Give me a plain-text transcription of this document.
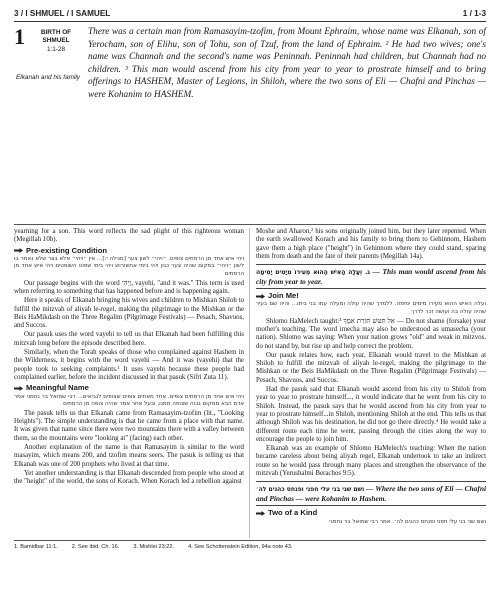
3 / I SHMUEL / I SAMUEL	1 / 1-3
1	BIRTH OF SHMUEL
1:1-28
Elkanah and his family
There was a certain man from Ramasayim-tzofim, from Mount Ephraim, whose name was Elkanah, son of Yerocham, son of Elihu, son of Tohu, son of Tzuf, from the land of Ephraim. ² He had two wives; one's name was Channah and the second's name was Peninnah. Peninnah had children, but Channah had no children. ³ This man would ascend from his city from year to year to prostrate himself and to bring offerings to HASHEM, Master of Legions, in Shiloh, where the two sons of Eli — Chafni and Pinchas — were Kohanim to HASHEM.

yearning for a son. This word reflects the sad plight of this righteous woman (Megillah 10b).

Pre-existing Condition
ויהי איש אחד מן הרמתים צופים. ״ויהי״ לשון צער [מגילה י:]... אין ״ויהי״ אלא בצר שלא נאמר בו לשון ״ויהי״ במקום שהיה צער כגון ויהי בימי אחשורוש ויהי בימי שפוט השופטים ויהי איש אחד מן הרמתים

Our passage begins with the word וַיְהִי, vayehi, "and it was." This term is used when referring to something that has happened before and is happening again.

Here it speaks of Elkanah bringing his wives and children to Mishkan Shiloh to fulfill the mitzvah of aliyah le-regel, making the pilgrimage to the Mishkan or the Beis HaMikdash on the Three Regalim (Pilgrimage Festivals) — Pesach, Shavuos, and Succos.

Our pasuk uses the word vayehi to tell us that Elkanah had been fulfilling this mitzvah long before the episode described here.

Similarly, when the Torah speaks of those who complained against Hashem in the Wilderness, it begins with the word vayehi — And it was (vayehi) that the people took to seeking complaints.¹ It uses vayehi because these people had complained earlier, before the incident discussed in that pasuk (Sifri Zuta 11).

Meaningful Name
ויהי איש אחד מן הרמתים צופים. אחד מאתים צופים שצופים לנביאים... רבי שמואל בר נחמני אמר אדם הבא ממקום גבוה שצופה ממנו, ובעל אחר אמר שהיה צופה מן הרמתים

The pasuk tells us that Elkanah came from Ramasayim-tzofim (lit., "Looking Heights"). The simple understanding is that he came from a place with that name. It was given that name since there were two mountains there with a valley between them, so the mountains were "looking at" (facing) each other.

Another explanation of the name is that Ramasayim is similar to the word masayim, which means 200, and tzofim means seers. The pasuk is telling us that Elkanah was one of 200 prophets who lived at that time.

Yet another understanding is that Elkanah descended from people who stood at the "height" of the world, the sons of Korach. When Korach led a rebellion against

Moshe and Aharon,² his sons originally joined him, but they later repented. When the earth swallowed Korach and his family to bring them to Gehinnom, Hashem gave them a high place ("height") in Gehinnom where they could stand, sparing them from death and the fate of their parents (Megillah 14a).

ג. וְעָלָה הָאִישׁ הַהוּא מֵעִירוֹ מִיָּמִים יָמִימָה — This man would ascend from his city from year to year.
Join Me!
ועלה האיש ההוא מעירו מימים ימימה. ללמדך שהיה עולה ומעלה עמו בני ביתו... והיה שם בעיר שהיה עולה בה ועושה זכר לדרך

Shlomo HaMelech taught:³ אַל תִּטּשׁ תּוֹרַת אִמֶּךָ — Do not shame (forsake) your mother's teaching. The word imecha may also be understood as umasecha (your nation). Shlomo was saying: When your nation grows "old" and weak in mitzvos, do not stand by, but rise up and help correct the problem.

Our pasuk relates how, each year, Elkanah would travel to the Mishkan at Shiloh to fulfill the mitzvah of aliyah le-regel, making the pilgrimage to the Mishkan or the Beis HaMikdash on the Three Regalim (Pilgrimage Festivals) — Pesach, Shavuos, and Succos.

Had the pasuk said that Elkanah would ascend from his city to Shiloh from year to year to prostrate himself..., it would indicate that he went from his city to Shiloh. Instead, the pasuk says that he would ascend from his city from year to year to prostrate himself...in Shiloh, mentioning Shiloh at the end. This tells us that although Shiloh was his destination, he did not go there directly.⁴ He would take a different route each time he went, passing through the cities along the way to encourage the people to join him.

Elkanah was an example of Shlomo HaMelech's teaching: When the nation became careless about being aliyah regel, Elkanah undertook to take an indirect route so he would pass through many places and strengthen the observance of the mitzvah (Yerushalmi Berachos 9:5).

ושם שני בני עלי חפני ופנחס כהנים לה׳ — Where the two sons of Eli — Chafni and Pinchas — were Kohanim to Hashem.
Two of a Kind
ושם שני בני עלי חפני ופנחס כהנים לה׳. אמר רבי שמואל בר נחמני
1. Bamidbar 11:1.	2. See ibid. Ch. 16.	3. Mishlei 23:22.	4. See Schottenstein Edition, 94a note 43.
